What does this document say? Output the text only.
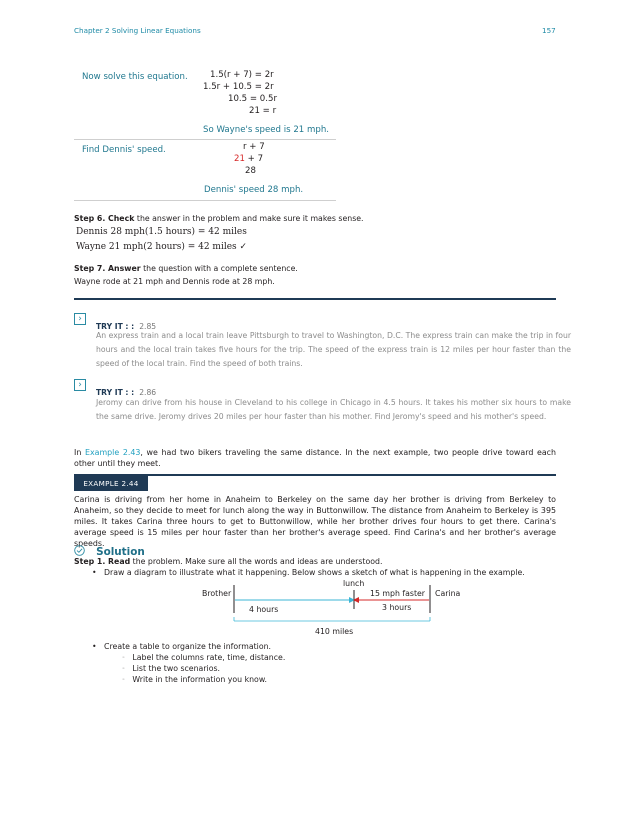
Chapter 2 Solving Linear Equations	157
Now solve this equation.	1.5(r + 7) = 2r
1.5r + 10.5 = 2r
10.5 = 0.5r
21 = r
So Wayne's speed is 21 mph.
Find Dennis' speed.	r + 7
21 + 7
28
Dennis' speed 28 mph.
Step 6. Check the answer in the problem and make sure it makes sense.
Dennis 28 mph(1.5 hours) = 42 miles
Wayne 21 mph(2 hours) = 42 miles ✓
Step 7. Answer the question with a complete sentence.
Wayne rode at 21 mph and Dennis rode at 28 mph.
›
TRY IT : : 2.85
An express train and a local train leave Pittsburgh to travel to Washington, D.C. The express train can make the trip in four hours and the local train takes five hours for the trip. The speed of the express train is 12 miles per hour faster than the speed of the local train. Find the speed of both trains.
›
TRY IT : : 2.86
Jeromy can drive from his house in Cleveland to his college in Chicago in 4.5 hours. It takes his mother six hours to make the same drive. Jeromy drives 20 miles per hour faster than his mother. Find Jeromy's speed and his mother's speed.
In Example 2.43, we had two bikers traveling the same distance. In the next example, two people drive toward each other until they meet.
EXAMPLE 2.44
Carina is driving from her home in Anaheim to Berkeley on the same day her brother is driving from Berkeley to Anaheim, so they decide to meet for lunch along the way in Buttonwillow. The distance from Anaheim to Berkeley is 395 miles. It takes Carina three hours to get to Buttonwillow, while her brother drives four hours to get there. Carina's average speed is 15 miles per hour faster than her brother's average speed. Find Carina's and her brother's average speeds.
Solution
Step 1. Read the problem. Make sure all the words and ideas are understood.
•   Draw a diagram to illustrate what it happening. Below shows a sketch of what is happening in the example.
lunch
Brother	Carina
15 mph faster
4 hours	3 hours
410 miles
•   Create a table to organize the information.
◦ Label the columns rate, time, distance.
◦ List the two scenarios.
◦ Write in the information you know.
